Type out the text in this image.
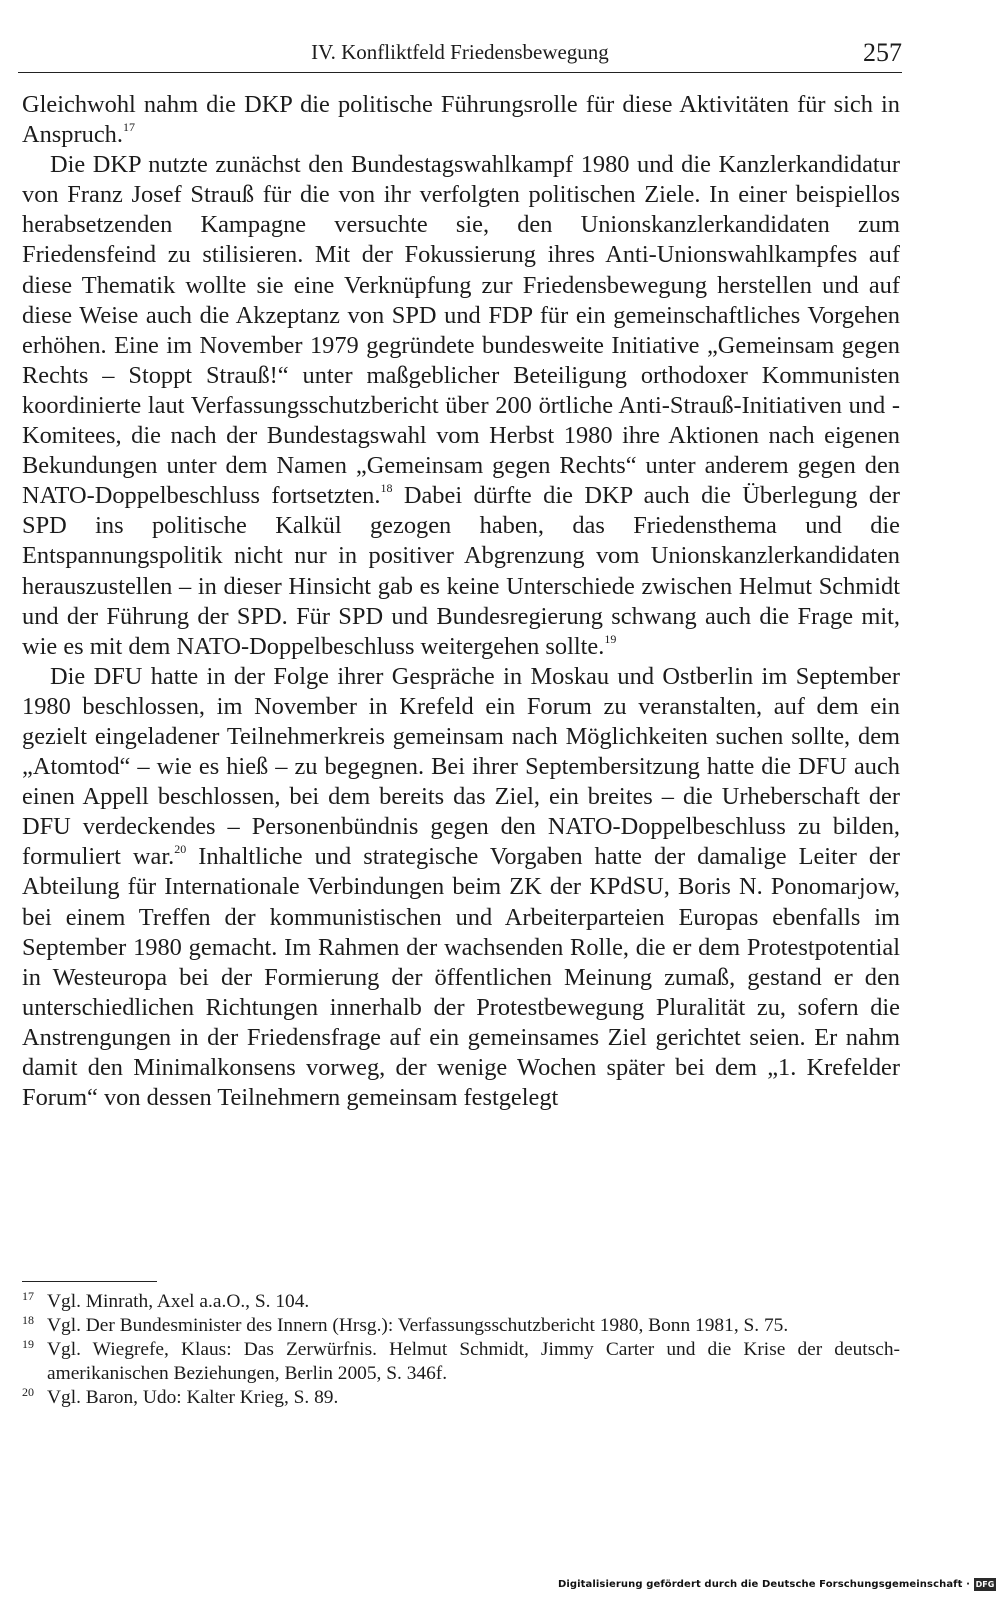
IV. Konfliktfeld Friedensbewegung	257

Gleichwohl nahm die DKP die politische Führungsrolle für diese Aktivitäten für sich in Anspruch.$^{17}$

Die DKP nutzte zunächst den Bundestagswahlkampf 1980 und die Kanzlerkandidatur von Franz Josef Strauß für die von ihr verfolgten politischen Ziele. In einer beispiellos herabsetzenden Kampagne versuchte sie, den Unionskanzlerkandidaten zum Friedensfeind zu stilisieren. Mit der Fokussierung ihres Anti-Unionswahlkampfes auf diese Thematik wollte sie eine Verknüpfung zur Friedensbewegung herstellen und auf diese Weise auch die Akzeptanz von SPD und FDP für ein gemeinschaftliches Vorgehen erhöhen. Eine im November 1979 gegründete bundesweite Initiative „Gemeinsam gegen Rechts – Stoppt Strauß!“ unter maßgeblicher Beteiligung orthodoxer Kommunisten koordinierte laut Verfassungsschutzbericht über 200 örtliche Anti-Strauß-Initiativen und -Komitees, die nach der Bundestagswahl vom Herbst 1980 ihre Aktionen nach eigenen Bekundungen unter dem Namen „Gemeinsam gegen Rechts“ unter anderem gegen den NATO-Doppelbeschluss fortsetzten.$^{18}$ Dabei dürfte die DKP auch die Überlegung der SPD ins politische Kalkül gezogen haben, das Friedensthema und die Entspannungspolitik nicht nur in positiver Abgrenzung vom Unionskanzlerkandidaten herauszustellen – in dieser Hinsicht gab es keine Unterschiede zwischen Helmut Schmidt und der Führung der SPD. Für SPD und Bundesregierung schwang auch die Frage mit, wie es mit dem NATO-Doppelbeschluss weitergehen sollte.$^{19}$

Die DFU hatte in der Folge ihrer Gespräche in Moskau und Ostberlin im September 1980 beschlossen, im November in Krefeld ein Forum zu veranstalten, auf dem ein gezielt eingeladener Teilnehmerkreis gemeinsam nach Möglichkeiten suchen sollte, dem „Atomtod“ – wie es hieß – zu begegnen. Bei ihrer Septembersitzung hatte die DFU auch einen Appell beschlossen, bei dem bereits das Ziel, ein breites – die Urheberschaft der DFU verdeckendes – Personenbündnis gegen den NATO-Doppelbeschluss zu bilden, formuliert war.$^{20}$ Inhaltliche und strategische Vorgaben hatte der damalige Leiter der Abteilung für Internationale Verbindungen beim ZK der KPdSU, Boris N. Ponomarjow, bei einem Treffen der kommunistischen und Arbeiterparteien Europas ebenfalls im September 1980 gemacht. Im Rahmen der wachsenden Rolle, die er dem Protestpotential in Westeuropa bei der Formierung der öffentlichen Meinung zumaß, gestand er den unterschiedlichen Richtungen innerhalb der Protestbewegung Pluralität zu, sofern die Anstrengungen in der Friedensfrage auf ein gemeinsames Ziel gerichtet seien. Er nahm damit den Minimalkonsens vorweg, der wenige Wochen später bei dem „1. Krefelder Forum“ von dessen Teilnehmern gemeinsam festgelegt

17 Vgl. Minrath, Axel a.a.O., S. 104.
18 Vgl. Der Bundesminister des Innern (Hrsg.): Verfassungsschutzbericht 1980, Bonn 1981, S. 75.
19 Vgl. Wiegrefe, Klaus: Das Zerwürfnis. Helmut Schmidt, Jimmy Carter und die Krise der deutsch-amerikanischen Beziehungen, Berlin 2005, S. 346f.
20 Vgl. Baron, Udo: Kalter Krieg, S. 89.
Digitalisierung gefördert durch die Deutsche Forschungsgemeinschaft · DFG
